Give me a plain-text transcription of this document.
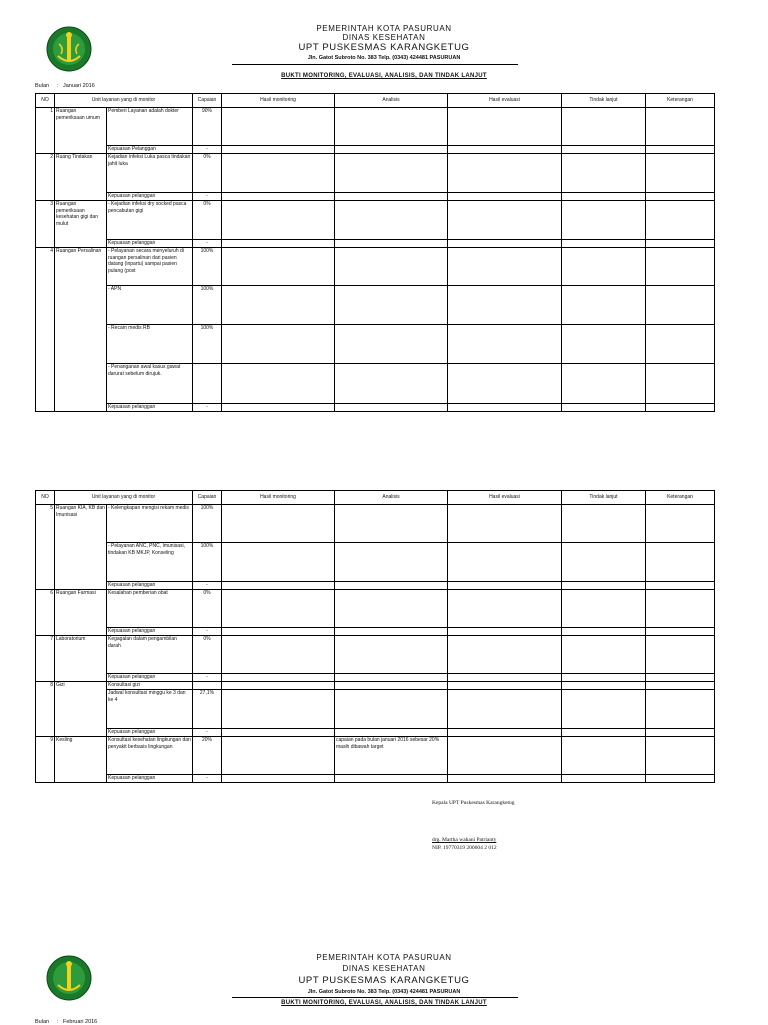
PEMERINTAH KOTA PASURUAN
DINAS KESEHATAN
UPT PUSKESMAS KARANGKETUG
Jln. Gatot Subroto No. 383 Telp. (0343) 424481 PASURUAN
BUKTI MONITORING, EVALUASI, ANALISIS, DAN TINDAK LANJUT
Bulan : Januari 2016
NO	Unit layanan yang di monitor		Capaian	Hasil monitoring	Analisis	Hasil evaluasi	Tindak lanjut	Keterangan
1	Ruangan pemeriksaan umum	Pemberi Layanan adalah dokter	90%					
		Kepuasan Pelanggan	-					
2	Ruang Tindakan	Kejadian infeksi Luka pasca tindakan jahit luka	0%					
		Kepuasan pelanggan	-					
3	Ruangan pemeriksaan kesehatan gigi dan mulut	- Kejadian infeksi dry socked pasca pencabutan gigi	0%					
		Kepuasan pelanggan	-					
4	Ruangan Persalinan	- Pelayanan secara menyeluruh di ruangan persalinan dari pasien datang (inpartu) sampai pasien pulang (post	100%					
		- APN	100%					
		- Recam medis RB	100%					
		- Penanganan awal kasus gawat darurat sebelum dirujuk.						
		Kepuasan pelanggan	-					
NO	Unit layanan yang di monitor		Capaian	Hasil monitoring	Analisis	Hasil evaluasi	Tindak lanjut	Keterangan
5	Ruangan KIA, KB dan Imunisasi	- Kelengkapan mengisi rekam medis	100%					
		- Pelayanan ANC, PNC, Imunisasi, tindakan KB MKJP, Konseling	100%					
		Kepuasan pelanggan	-					
6	Ruangan Farmasi	Kesalahan pemberian obat	0%					
		Kepuasan pelanggan	-					
7	Laboratorium	Kegagalan dalam pengambilan darah	0%					
		Kepuasan pelanggan	-					
8	Gizi	Konsultasi gizi						
		Jadwal konsultasi minggu ke 3 dan ke 4	27,1%					
		Kepuasan pelanggan	-					
9	Kesling	Konsultasi kesehatan lingkungan dan penyakit berbasis lingkungan	20%		capaian pada bulan januari 2016 sebesar 20% masih dibawah target			
		Kepuasan pelanggan	-					
Kepala UPT Puskesmas Karangketug
drg. Martha wahani Patrianty
NIP. 19770319 200604 2 012
PEMERINTAH KOTA PASURUAN
DINAS KESEHATAN
UPT PUSKESMAS KARANGKETUG
Jln. Gatot Subroto No. 383 Telp. (0343) 424481 PASURUAN
BUKTI MONITORING, EVALUASI, ANALISIS, DAN TINDAK LANJUT
Bulan : Februari 2016
